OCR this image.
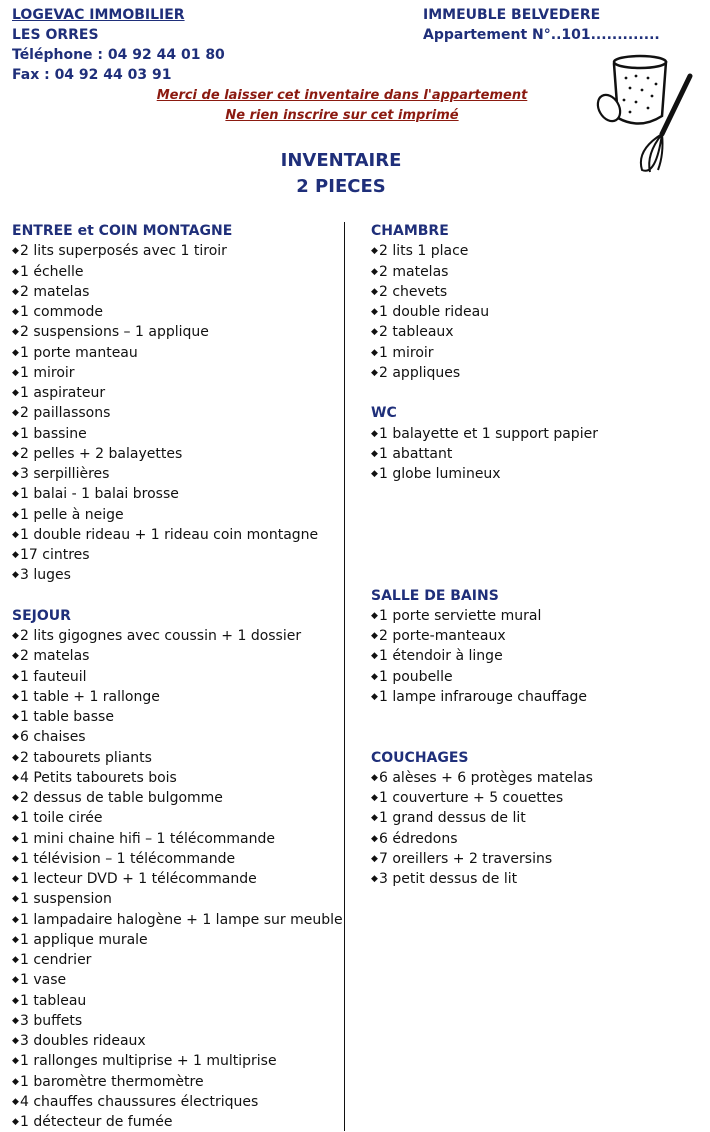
LOGEVAC IMMOBILIER
LES ORRES
Téléphone : 04 92 44 01 80
Fax : 04 92 44 03 91
IMMEUBLE BELVEDERE
Appartement N°..101.............
Merci de laisser cet inventaire dans l'appartement
Ne rien inscrire sur cet imprimé
INVENTAIRE
2 PIECES
ENTREE et COIN MONTAGNE
◆2 lits superposés avec 1 tiroir
◆1 échelle
◆2 matelas
◆1 commode
◆2 suspensions – 1 applique
◆1 porte manteau
◆1 miroir
◆1 aspirateur
◆2 paillassons
◆1 bassine
◆2 pelles + 2 balayettes
◆3 serpillières
◆1 balai - 1 balai brosse
◆1 pelle à neige
◆1 double rideau + 1 rideau coin montagne
◆17 cintres
◆3 luges
SEJOUR
◆2 lits gigognes avec coussin + 1 dossier
◆2 matelas
◆1 fauteuil
◆1 table + 1 rallonge
◆1 table basse
◆6 chaises
◆2 tabourets pliants
◆4 Petits tabourets bois
◆2 dessus de table bulgomme
◆1 toile cirée
◆1 mini chaine hifi – 1 télécommande
◆1 télévision – 1 télécommande
◆1 lecteur DVD + 1 télécommande
◆1 suspension
◆1 lampadaire halogène + 1 lampe sur meuble
◆1 applique murale
◆1 cendrier
◆1 vase
◆1 tableau
◆3 buffets
◆3 doubles rideaux
◆1 rallonges multiprise + 1 multiprise
◆1 baromètre thermomètre
◆4 chauffes chaussures électriques
◆1 détecteur de fumée
CHAMBRE
◆2 lits 1 place
◆2 matelas
◆2 chevets
◆1 double rideau
◆2 tableaux
◆1 miroir
◆2 appliques
WC
◆1 balayette et 1 support papier
◆1 abattant
◆1 globe lumineux
SALLE DE BAINS
◆1 porte serviette mural
◆2 porte-manteaux
◆1 étendoir à linge
◆1 poubelle
◆1 lampe infrarouge chauffage
COUCHAGES
◆6 alèses + 6 protèges matelas
◆1 couverture + 5 couettes
◆1 grand dessus de lit
◆6 édredons
◆7 oreillers + 2 traversins
◆3 petit dessus de lit
